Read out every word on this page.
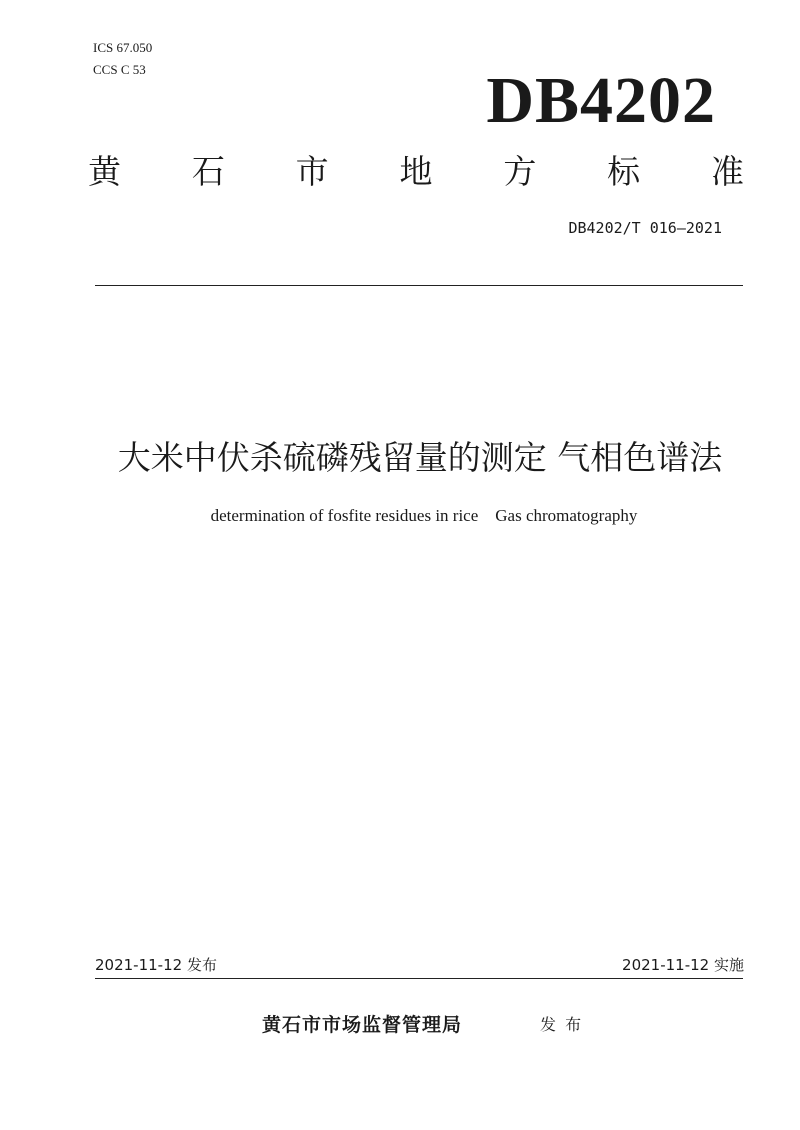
ICS 67.050
CCS C 53	DB4202
黄 石 市 地 方 标 准
DB4202/T 016—2021
大米中伏杀硫磷残留量的测定 气相色谱法
determination of fosfite residues in rice    Gas chromatography
2021-11-12 发布	2021-11-12 实施
黄石市市场监督管理局	发 布
